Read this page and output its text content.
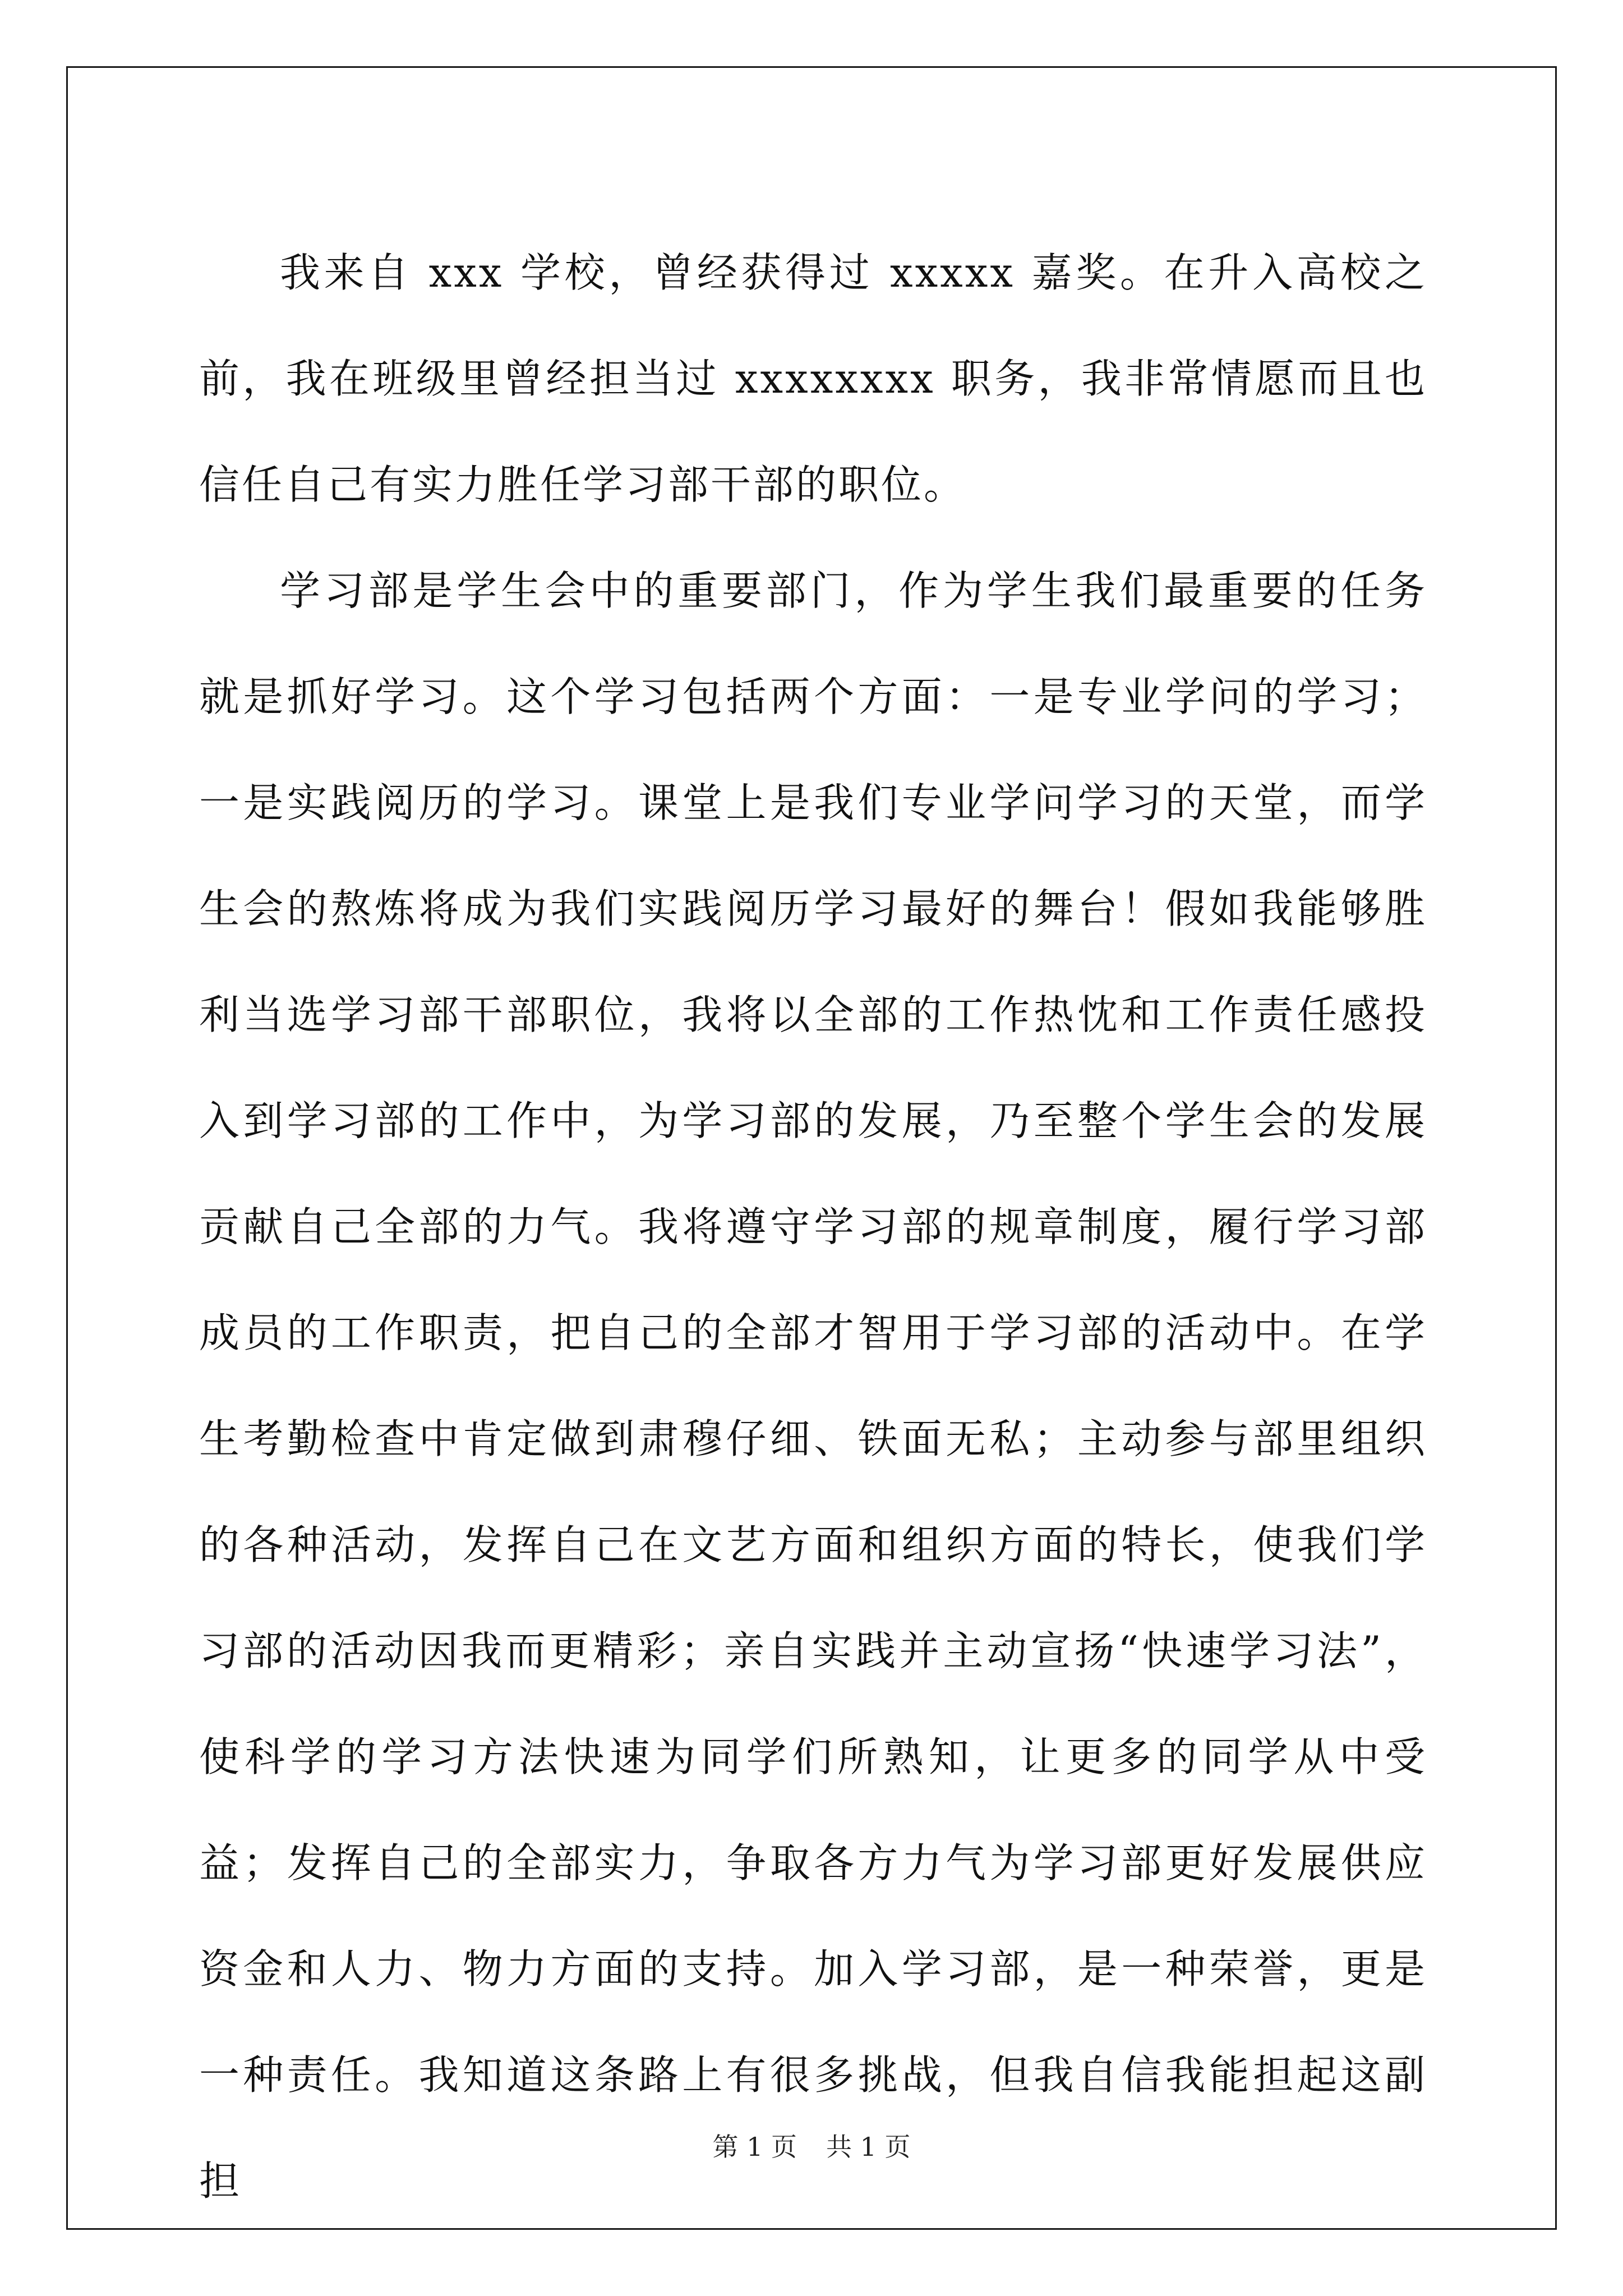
我来自 xxx 学校，曾经获得过 xxxxx 嘉奖。在升入高校之前，我在班级里曾经担当过 xxxxxxxx 职务，我非常情愿而且也信任自己有实力胜任学习部干部的职位。

学习部是学生会中的重要部门，作为学生我们最重要的任务就是抓好学习。这个学习包括两个方面：一是专业学问的学习；一是实践阅历的学习。课堂上是我们专业学问学习的天堂，而学生会的熬炼将成为我们实践阅历学习最好的舞台！假如我能够胜利当选学习部干部职位，我将以全部的工作热忱和工作责任感投入到学习部的工作中，为学习部的发展，乃至整个学生会的发展贡献自己全部的力气。我将遵守学习部的规章制度，履行学习部成员的工作职责，把自己的全部才智用于学习部的活动中。在学生考勤检查中肯定做到肃穆仔细、铁面无私；主动参与部里组织的各种活动，发挥自己在文艺方面和组织方面的特长，使我们学习部的活动因我而更精彩；亲自实践并主动宣扬“快速学习法”，使科学的学习方法快速为同学们所熟知，让更多的同学从中受益；发挥自己的全部实力，争取各方力气为学习部更好发展供应资金和人力、物力方面的支持。加入学习部，是一种荣誉，更是一种责任。我知道这条路上有很多挑战，但我自信我能担起这副担

第 1 页 共 1 页
